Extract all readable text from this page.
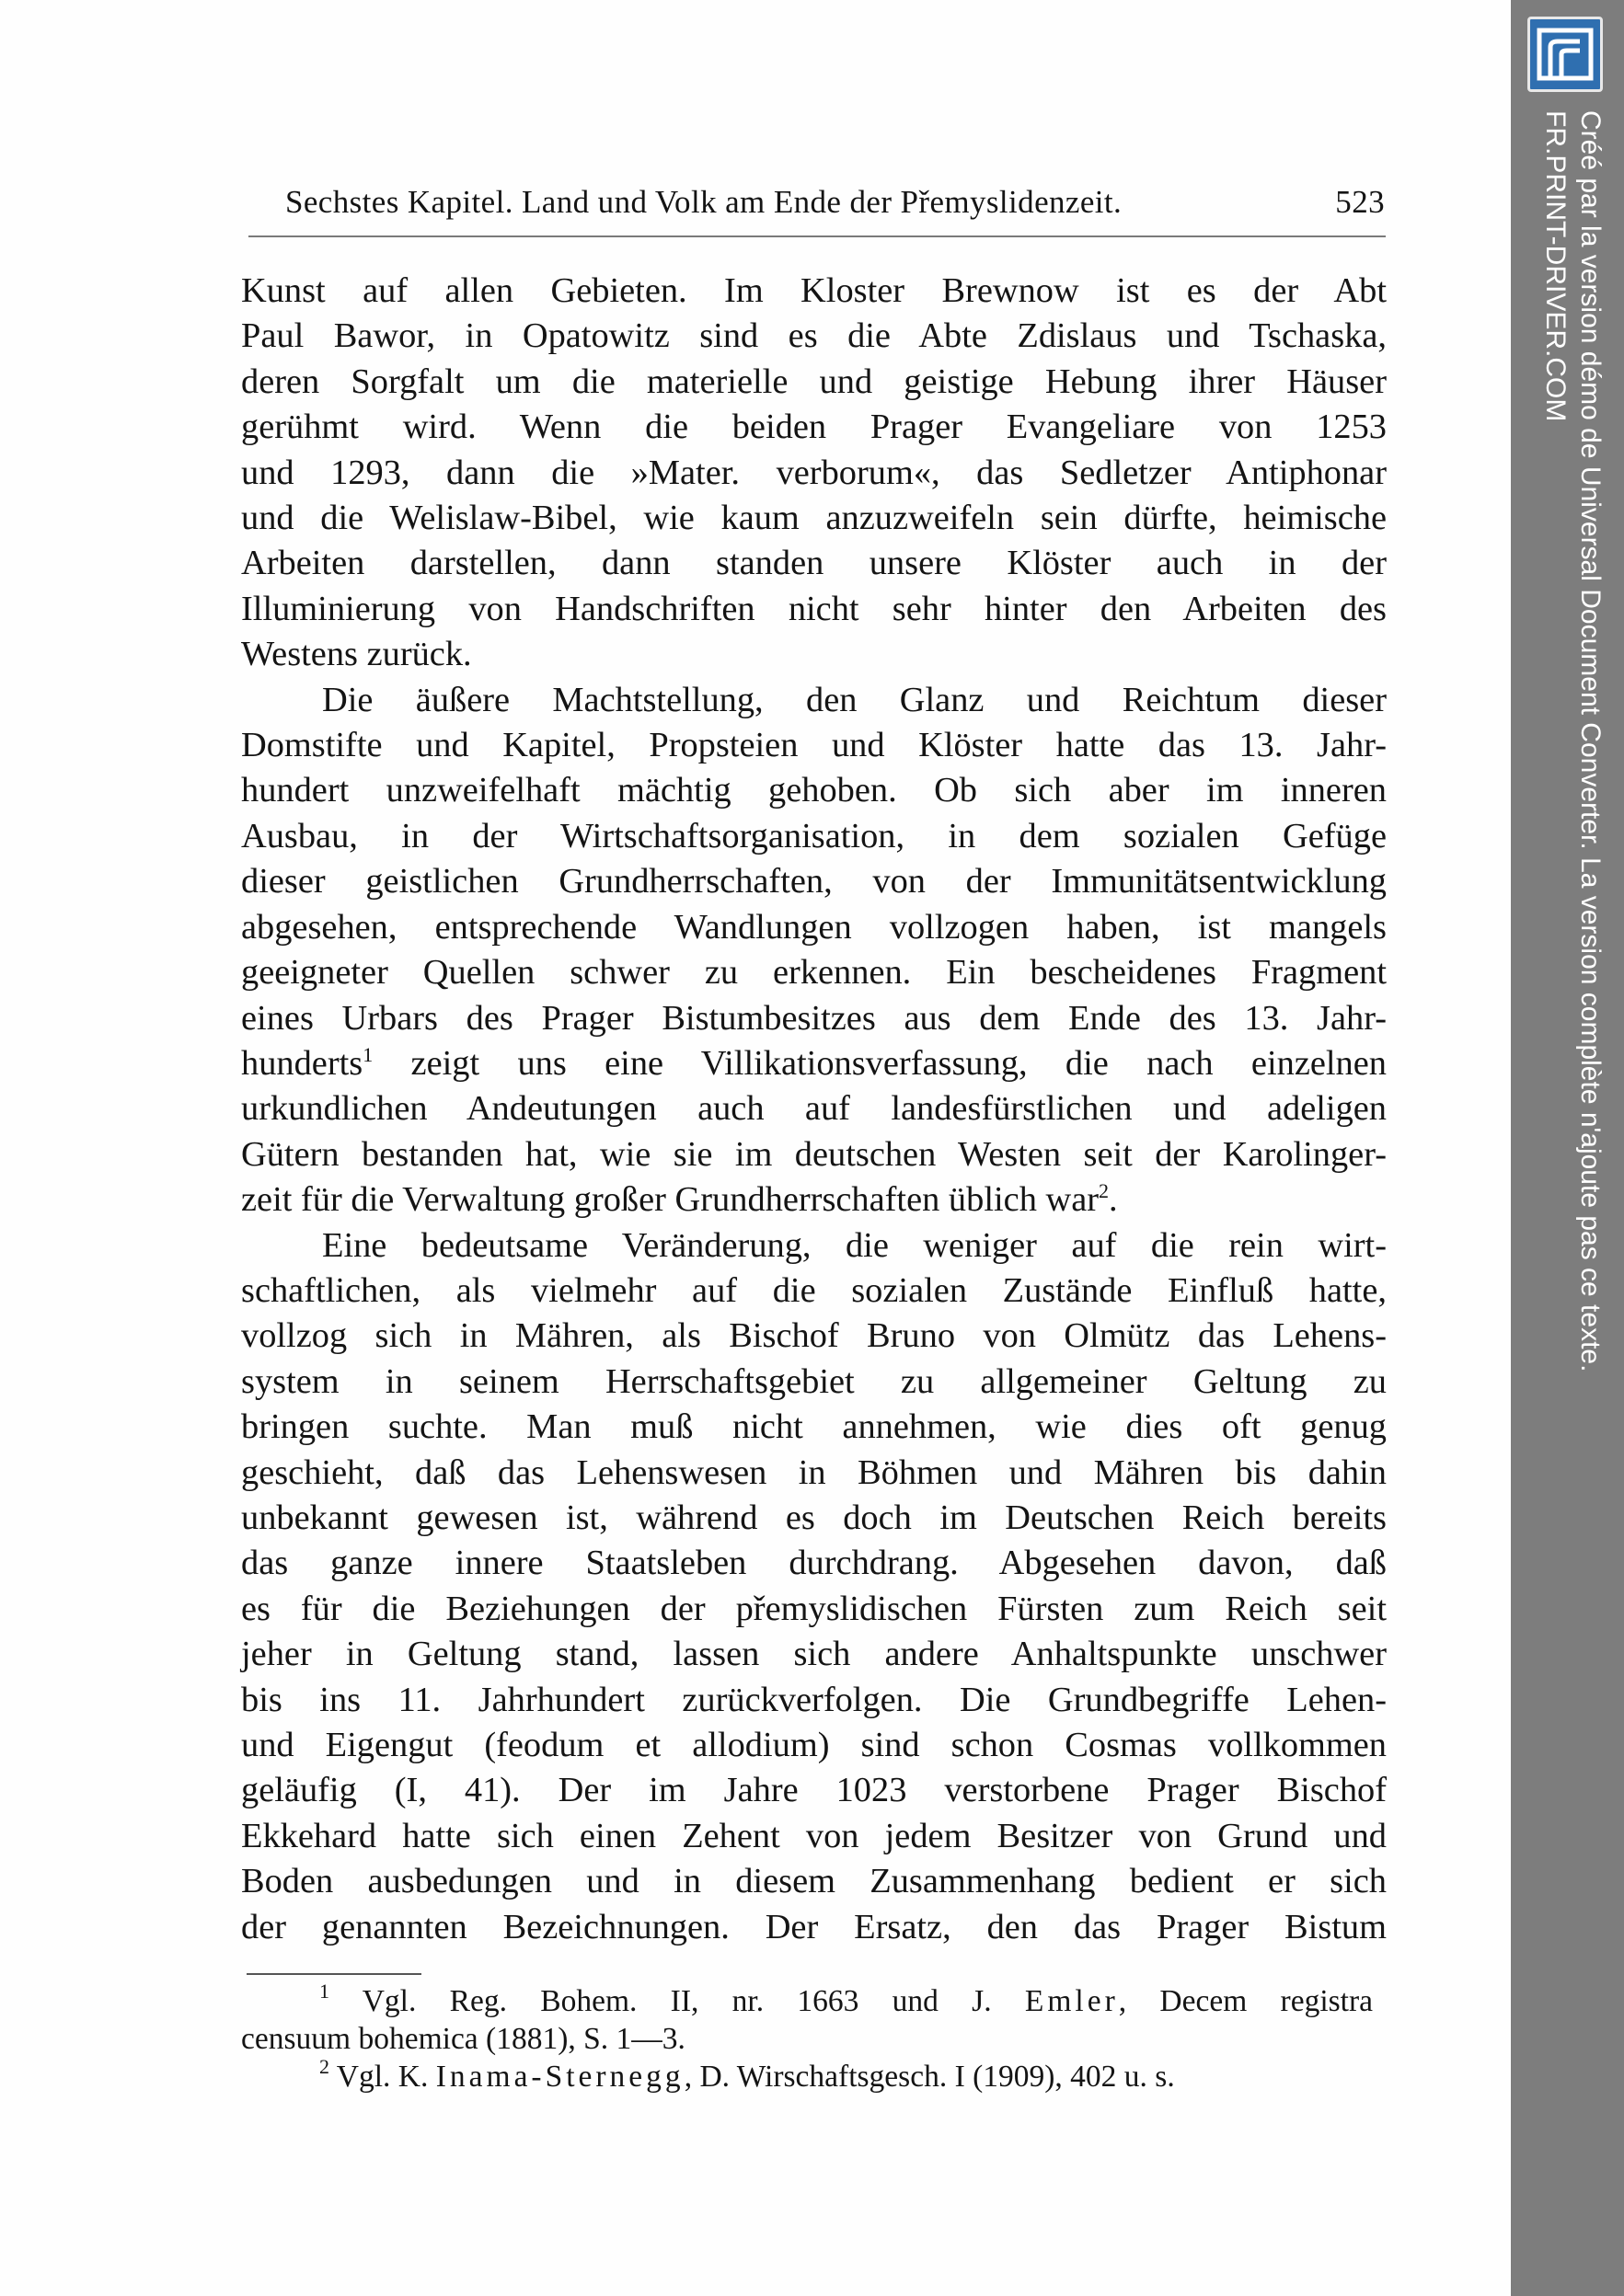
Sechstes Kapitel. Land und Volk am Ende der Přemyslidenzeit.	523
Kunst auf allen Gebieten. Im Kloster Brewnow ist es der Abt
Paul Bawor, in Opatowitz sind es die Abte Zdislaus und Tschaska,
deren Sorgfalt um die materielle und geistige Hebung ihrer Häuser
gerühmt wird. Wenn die beiden Prager Evangeliare von 1253
und 1293, dann die »Mater. verborum«, das Sedletzer Antiphonar
und die Welislaw-Bibel, wie kaum anzuzweifeln sein dürfte, heimische
Arbeiten darstellen, dann standen unsere Klöster auch in der
Illuminierung von Handschriften nicht sehr hinter den Arbeiten des
Westens zurück.
Die äußere Machtstellung, den Glanz und Reichtum dieser
Domstifte und Kapitel, Propsteien und Klöster hatte das 13. Jahr-
hundert unzweifelhaft mächtig gehoben. Ob sich aber im inneren
Ausbau, in der Wirtschaftsorganisation, in dem sozialen Gefüge
dieser geistlichen Grundherrschaften, von der Immunitätsentwicklung
abgesehen, entsprechende Wandlungen vollzogen haben, ist mangels
geeigneter Quellen schwer zu erkennen. Ein bescheidenes Fragment
eines Urbars des Prager Bistumbesitzes aus dem Ende des 13. Jahr-
hunderts$^1$ zeigt uns eine Villikationsverfassung, die nach einzelnen
urkundlichen Andeutungen auch auf landesfürstlichen und adeligen
Gütern bestanden hat, wie sie im deutschen Westen seit der Karolinger-
zeit für die Verwaltung großer Grundherrschaften üblich war$^2$.
Eine bedeutsame Veränderung, die weniger auf die rein wirt-
schaftlichen, als vielmehr auf die sozialen Zustände Einfluß hatte,
vollzog sich in Mähren, als Bischof Bruno von Olmütz das Lehens-
system in seinem Herrschaftsgebiet zu allgemeiner Geltung zu
bringen suchte. Man muß nicht annehmen, wie dies oft genug
geschieht, daß das Lehenswesen in Böhmen und Mähren bis dahin
unbekannt gewesen ist, während es doch im Deutschen Reich bereits
das ganze innere Staatsleben durchdrang. Abgesehen davon, daß
es für die Beziehungen der přemyslidischen Fürsten zum Reich seit
jeher in Geltung stand, lassen sich andere Anhaltspunkte unschwer
bis ins 11. Jahrhundert zurückverfolgen. Die Grundbegriffe Lehen-
und Eigengut (feodum et allodium) sind schon Cosmas vollkommen
geläufig (I, 41). Der im Jahre 1023 verstorbene Prager Bischof
Ekkehard hatte sich einen Zehent von jedem Besitzer von Grund und
Boden ausbedungen und in diesem Zusammenhang bedient er sich
der genannten Bezeichnungen. Der Ersatz, den das Prager Bistum
$^1$ Vgl. Reg. Bohem. II, nr. 1663 und J. Emler, Decem registra
censuum bohemica (1881), S. 1—3.
$^2$ Vgl. K. Inama-Sternegg, D. Wirschaftsgesch. I (1909), 402 u. s.
Créé par la version démo de Universal Document Converter. La version complète n'ajoute pas ce texte.
FR.PRINT-DRIVER.COM
